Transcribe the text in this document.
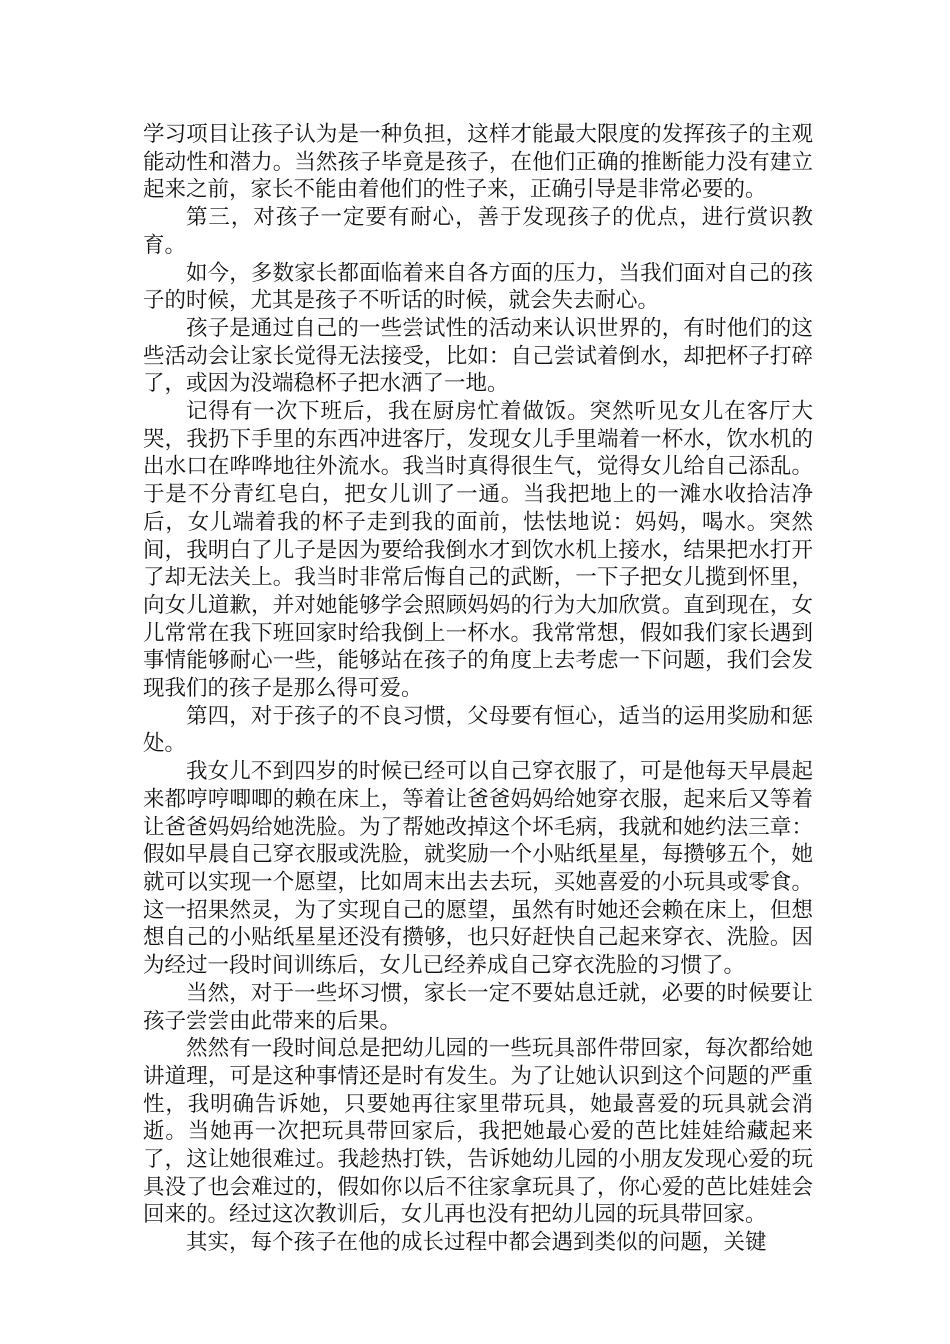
学习项目让孩子认为是一种负担，这样才能最大限度的发挥孩子的主观能动性和潜力。当然孩子毕竟是孩子，在他们正确的推断能力没有建立起来之前，家长不能由着他们的性子来，正确引导是非常必要的。

第三，对孩子一定要有耐心，善于发现孩子的优点，进行赏识教育。

如今，多数家长都面临着来自各方面的压力，当我们面对自己的孩子的时候，尤其是孩子不听话的时候，就会失去耐心。

孩子是通过自己的一些尝试性的活动来认识世界的，有时他们的这些活动会让家长觉得无法接受，比如：自己尝试着倒水，却把杯子打碎了，或因为没端稳杯子把水洒了一地。

记得有一次下班后，我在厨房忙着做饭。突然听见女儿在客厅大哭，我扔下手里的东西冲进客厅，发现女儿手里端着一杯水，饮水机的出水口在哗哗地往外流水。我当时真得很生气，觉得女儿给自己添乱。于是不分青红皂白，把女儿训了一通。当我把地上的一滩水收拾洁净后，女儿端着我的杯子走到我的面前，怯怯地说：妈妈，喝水。突然间，我明白了儿子是因为要给我倒水才到饮水机上接水，结果把水打开了却无法关上。我当时非常后悔自己的武断，一下子把女儿揽到怀里，向女儿道歉，并对她能够学会照顾妈妈的行为大加欣赏。直到现在，女儿常常在我下班回家时给我倒上一杯水。我常常想，假如我们家长遇到事情能够耐心一些，能够站在孩子的角度上去考虑一下问题，我们会发现我们的孩子是那么得可爱。

第四，对于孩子的不良习惯，父母要有恒心，适当的运用奖励和惩处。

我女儿不到四岁的时候已经可以自己穿衣服了，可是他每天早晨起来都哼哼唧唧的赖在床上，等着让爸爸妈妈给她穿衣服，起来后又等着让爸爸妈妈给她洗脸。为了帮她改掉这个坏毛病，我就和她约法三章：假如早晨自己穿衣服或洗脸，就奖励一个小贴纸星星，每攒够五个，她就可以实现一个愿望，比如周末出去去玩，买她喜爱的小玩具或零食。这一招果然灵，为了实现自己的愿望，虽然有时她还会赖在床上，但想想自己的小贴纸星星还没有攒够，也只好赶快自己起来穿衣、洗脸。因为经过一段时间训练后，女儿已经养成自己穿衣洗脸的习惯了。

当然，对于一些坏习惯，家长一定不要姑息迁就，必要的时候要让孩子尝尝由此带来的后果。

然然有一段时间总是把幼儿园的一些玩具部件带回家，每次都给她讲道理，可是这种事情还是时有发生。为了让她认识到这个问题的严重性，我明确告诉她，只要她再往家里带玩具，她最喜爱的玩具就会消逝。当她再一次把玩具带回家后，我把她最心爱的芭比娃娃给藏起来了，这让她很难过。我趁热打铁，告诉她幼儿园的小朋友发现心爱的玩具没了也会难过的，假如你以后不往家拿玩具了，你心爱的芭比娃娃会回来的。经过这次教训后，女儿再也没有把幼儿园的玩具带回家。

其实，每个孩子在他的成长过程中都会遇到类似的问题，关键
